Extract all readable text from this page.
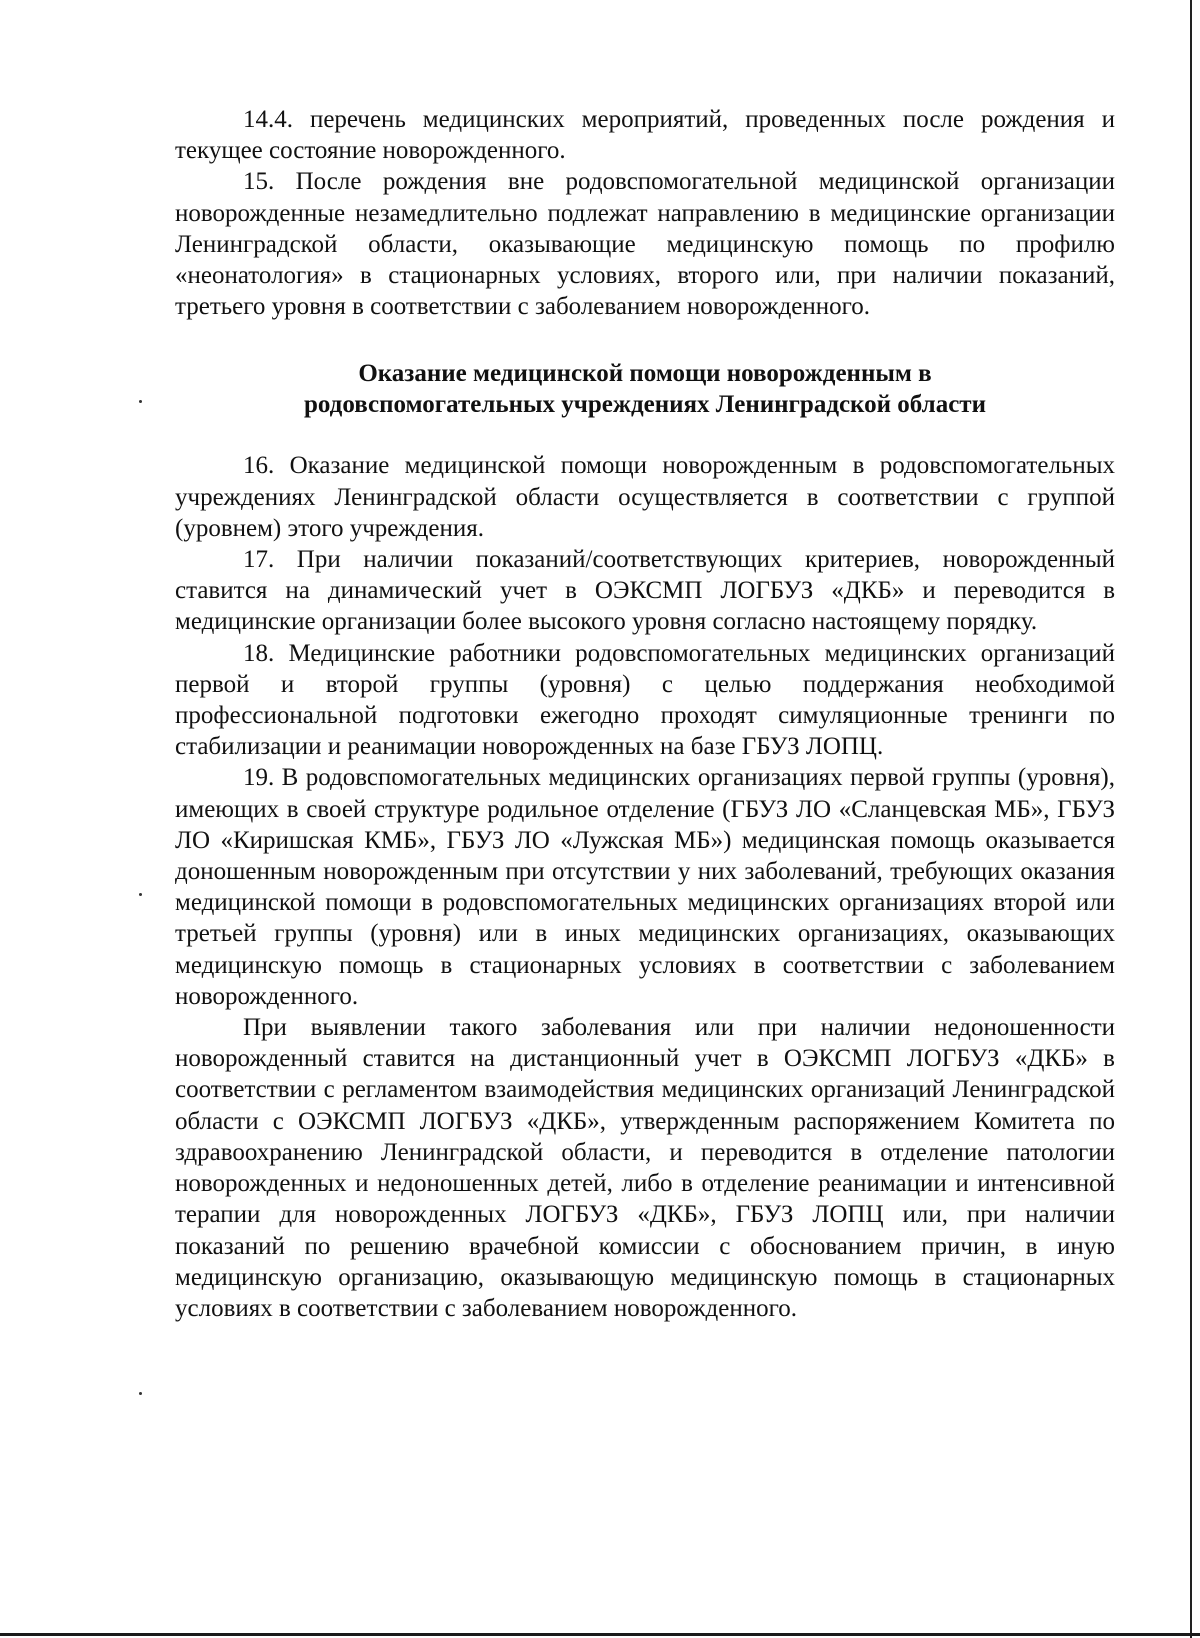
14.4. перечень медицинских мероприятий, проведенных после рождения и текущее состояние новорожденного.

15. После рождения вне родовспомогательной медицинской организации новорожденные незамедлительно подлежат направлению в медицинские организации Ленинградской области, оказывающие медицинскую помощь по профилю «неонатология» в стационарных условиях, второго или, при наличии показаний, третьего уровня в соответствии с заболеванием новорожденного.

Оказание медицинской помощи новорожденным в
родовспомогательных учреждениях Ленинградской области

16. Оказание медицинской помощи новорожденным в родовспомогательных учреждениях Ленинградской области осуществляется в соответствии с группой (уровнем) этого учреждения.

17. При наличии показаний/соответствующих критериев, новорожденный ставится на динамический учет в ОЭКСМП ЛОГБУЗ «ДКБ» и переводится в медицинские организации более высокого уровня согласно настоящему порядку.

18. Медицинские работники родовспомогательных медицинских организаций первой и второй группы (уровня) с целью поддержания необходимой профессиональной подготовки ежегодно проходят симуляционные тренинги по стабилизации и реанимации новорожденных на базе ГБУЗ ЛОПЦ.

19. В родовспомогательных медицинских организациях первой группы (уровня), имеющих в своей структуре родильное отделение (ГБУЗ ЛО «Сланцевская МБ», ГБУЗ ЛО «Киришская КМБ», ГБУЗ ЛО «Лужская МБ») медицинская помощь оказывается доношенным новорожденным при отсутствии у них заболеваний, требующих оказания медицинской помощи в родовспомогательных медицинских организациях второй или третьей группы (уровня) или в иных медицинских организациях, оказывающих медицинскую помощь в стационарных условиях в соответствии с заболеванием новорожденного.

При выявлении такого заболевания или при наличии недоношенности новорожденный ставится на дистанционный учет в ОЭКСМП ЛОГБУЗ «ДКБ» в соответствии с регламентом взаимодействия медицинских организаций Ленинградской области с ОЭКСМП ЛОГБУЗ «ДКБ», утвержденным распоряжением Комитета по здравоохранению Ленинградской области, и переводится в отделение патологии новорожденных и недоношенных детей, либо в отделение реанимации и интенсивной терапии для новорожденных ЛОГБУЗ «ДКБ», ГБУЗ ЛОПЦ или, при наличии показаний по решению врачебной комиссии с обоснованием причин, в иную медицинскую организацию, оказывающую медицинскую помощь в стационарных условиях в соответствии с заболеванием новорожденного.
